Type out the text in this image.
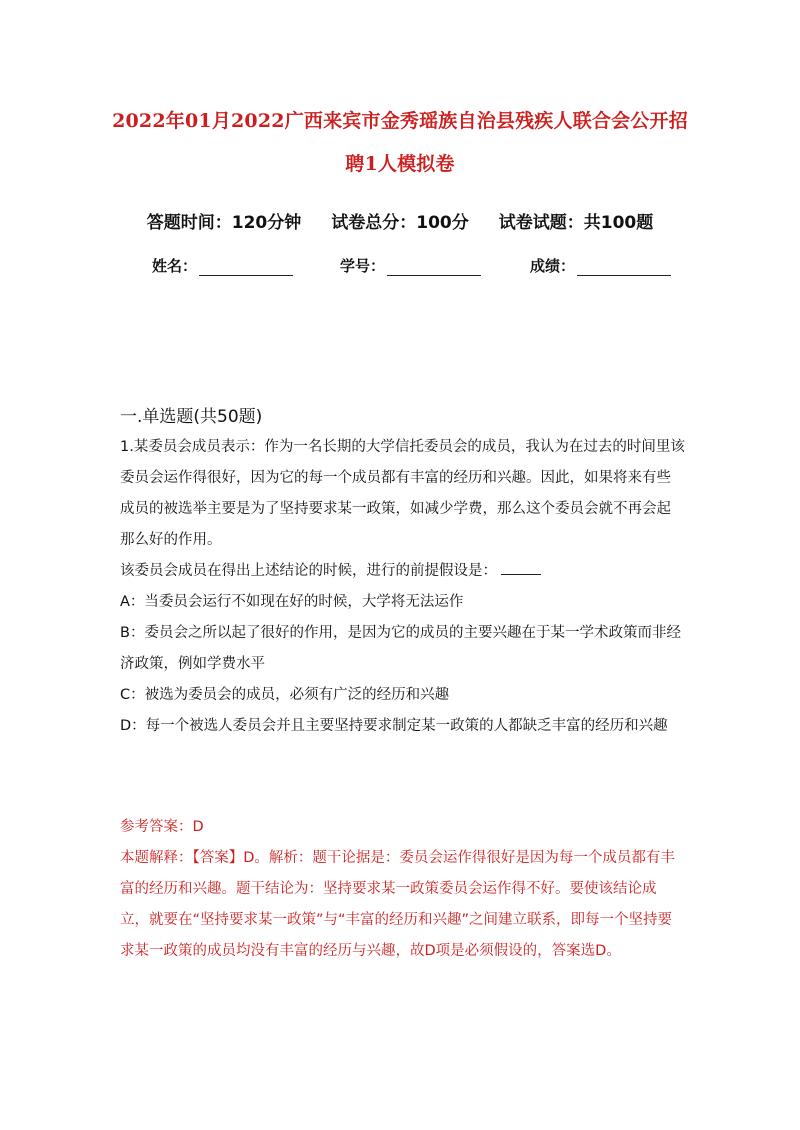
2022年01月2022广西来宾市金秀瑶族自治县残疾人联合会公开招
聘1人模拟卷
答题时间：120分钟 试卷总分：100分 试卷试题：共100题
姓名：	学号：	成绩：
一.单选题(共50题)

1.某委员会成员表示：作为一名长期的大学信托委员会的成员，我认为在过去的时间里该委员会运作得很好，因为它的每一个成员都有丰富的经历和兴趣。因此，如果将来有些成员的被选举主要是为了坚持要求某一政策，如减少学费，那么这个委员会就不再会起那么好的作用。

该委员会成员在得出上述结论的时候，进行的前提假设是：

A：当委员会运行不如现在好的时候，大学将无法运作

B：委员会之所以起了很好的作用，是因为它的成员的主要兴趣在于某一学术政策而非经济政策，例如学费水平

C：被选为委员会的成员，必须有广泛的经历和兴趣

D：每一个被选人委员会并且主要坚持要求制定某一政策的人都缺乏丰富的经历和兴趣

参考答案：D

本题解释：【答案】D。解析：题干论据是：委员会运作得很好是因为每一个成员都有丰富的经历和兴趣。题干结论为：坚持要求某一政策委员会运作得不好。要使该结论成立，就要在“坚持要求某一政策”与“丰富的经历和兴趣”之间建立联系，即每一个坚持要求某一政策的成员均没有丰富的经历与兴趣，故D项是必须假设的，答案选D。
